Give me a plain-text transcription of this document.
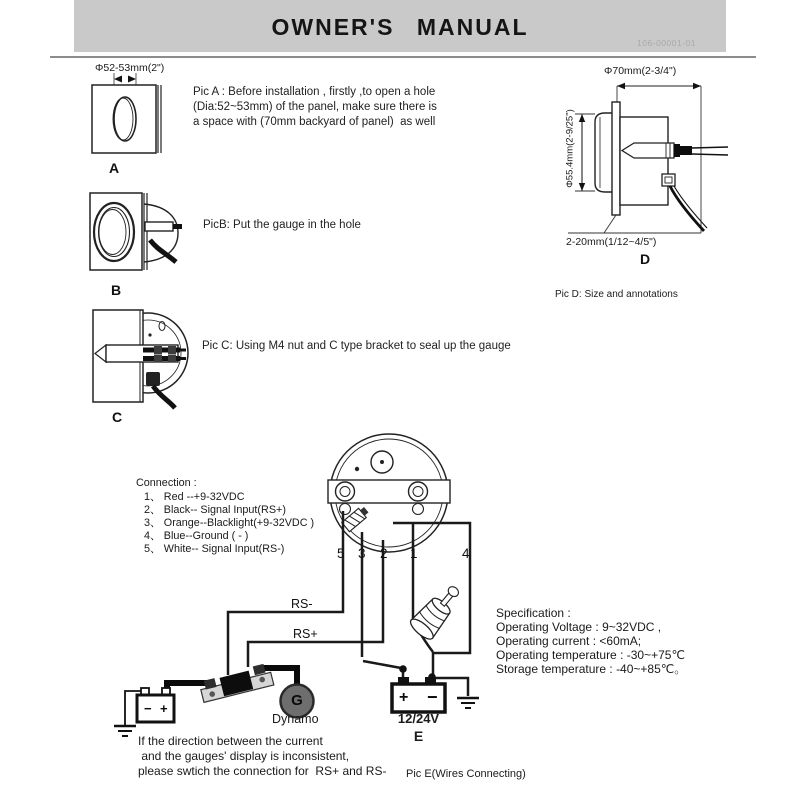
OWNER'S MANUAL
106-00001-01
Φ52-53mm(2")
A
Pic A : Before installation , firstly ,to open a hole
(Dia:52~53mm) of the panel, make sure there is
a space with (70mm backyard of panel)  as well
B
PicB: Put the gauge in the hole
C
Pic C: Using M4 nut and C type bracket to seal up the gauge
Φ70mm(2-3/4")
Φ55.4mm(2-9/25")
2-20mm(1/12~4/5")
D
Pic D: Size and annotations
Connection :
1、 Red --+9-32VDC
2、 Black-- Signal Input(RS+)
3、 Orange--Blacklight(+9-32VDC )
4、 Blue--Ground ( - )
5、 White-- Signal Input(RS-)	5 3 2 1	4
RS-
RS+
− +	G
Dynamo
+ −
12/24V
E
If the direction between the current
and the gauges' display is inconsistent,
please swtich the connection for  RS+ and RS- Pic E(Wires Connecting)
Specification :
Operating Voltage : 9~32VDC ,
Operating current : <60mA;
Operating temperature : -30~+75℃
Storage temperature : -40~+85℃。
